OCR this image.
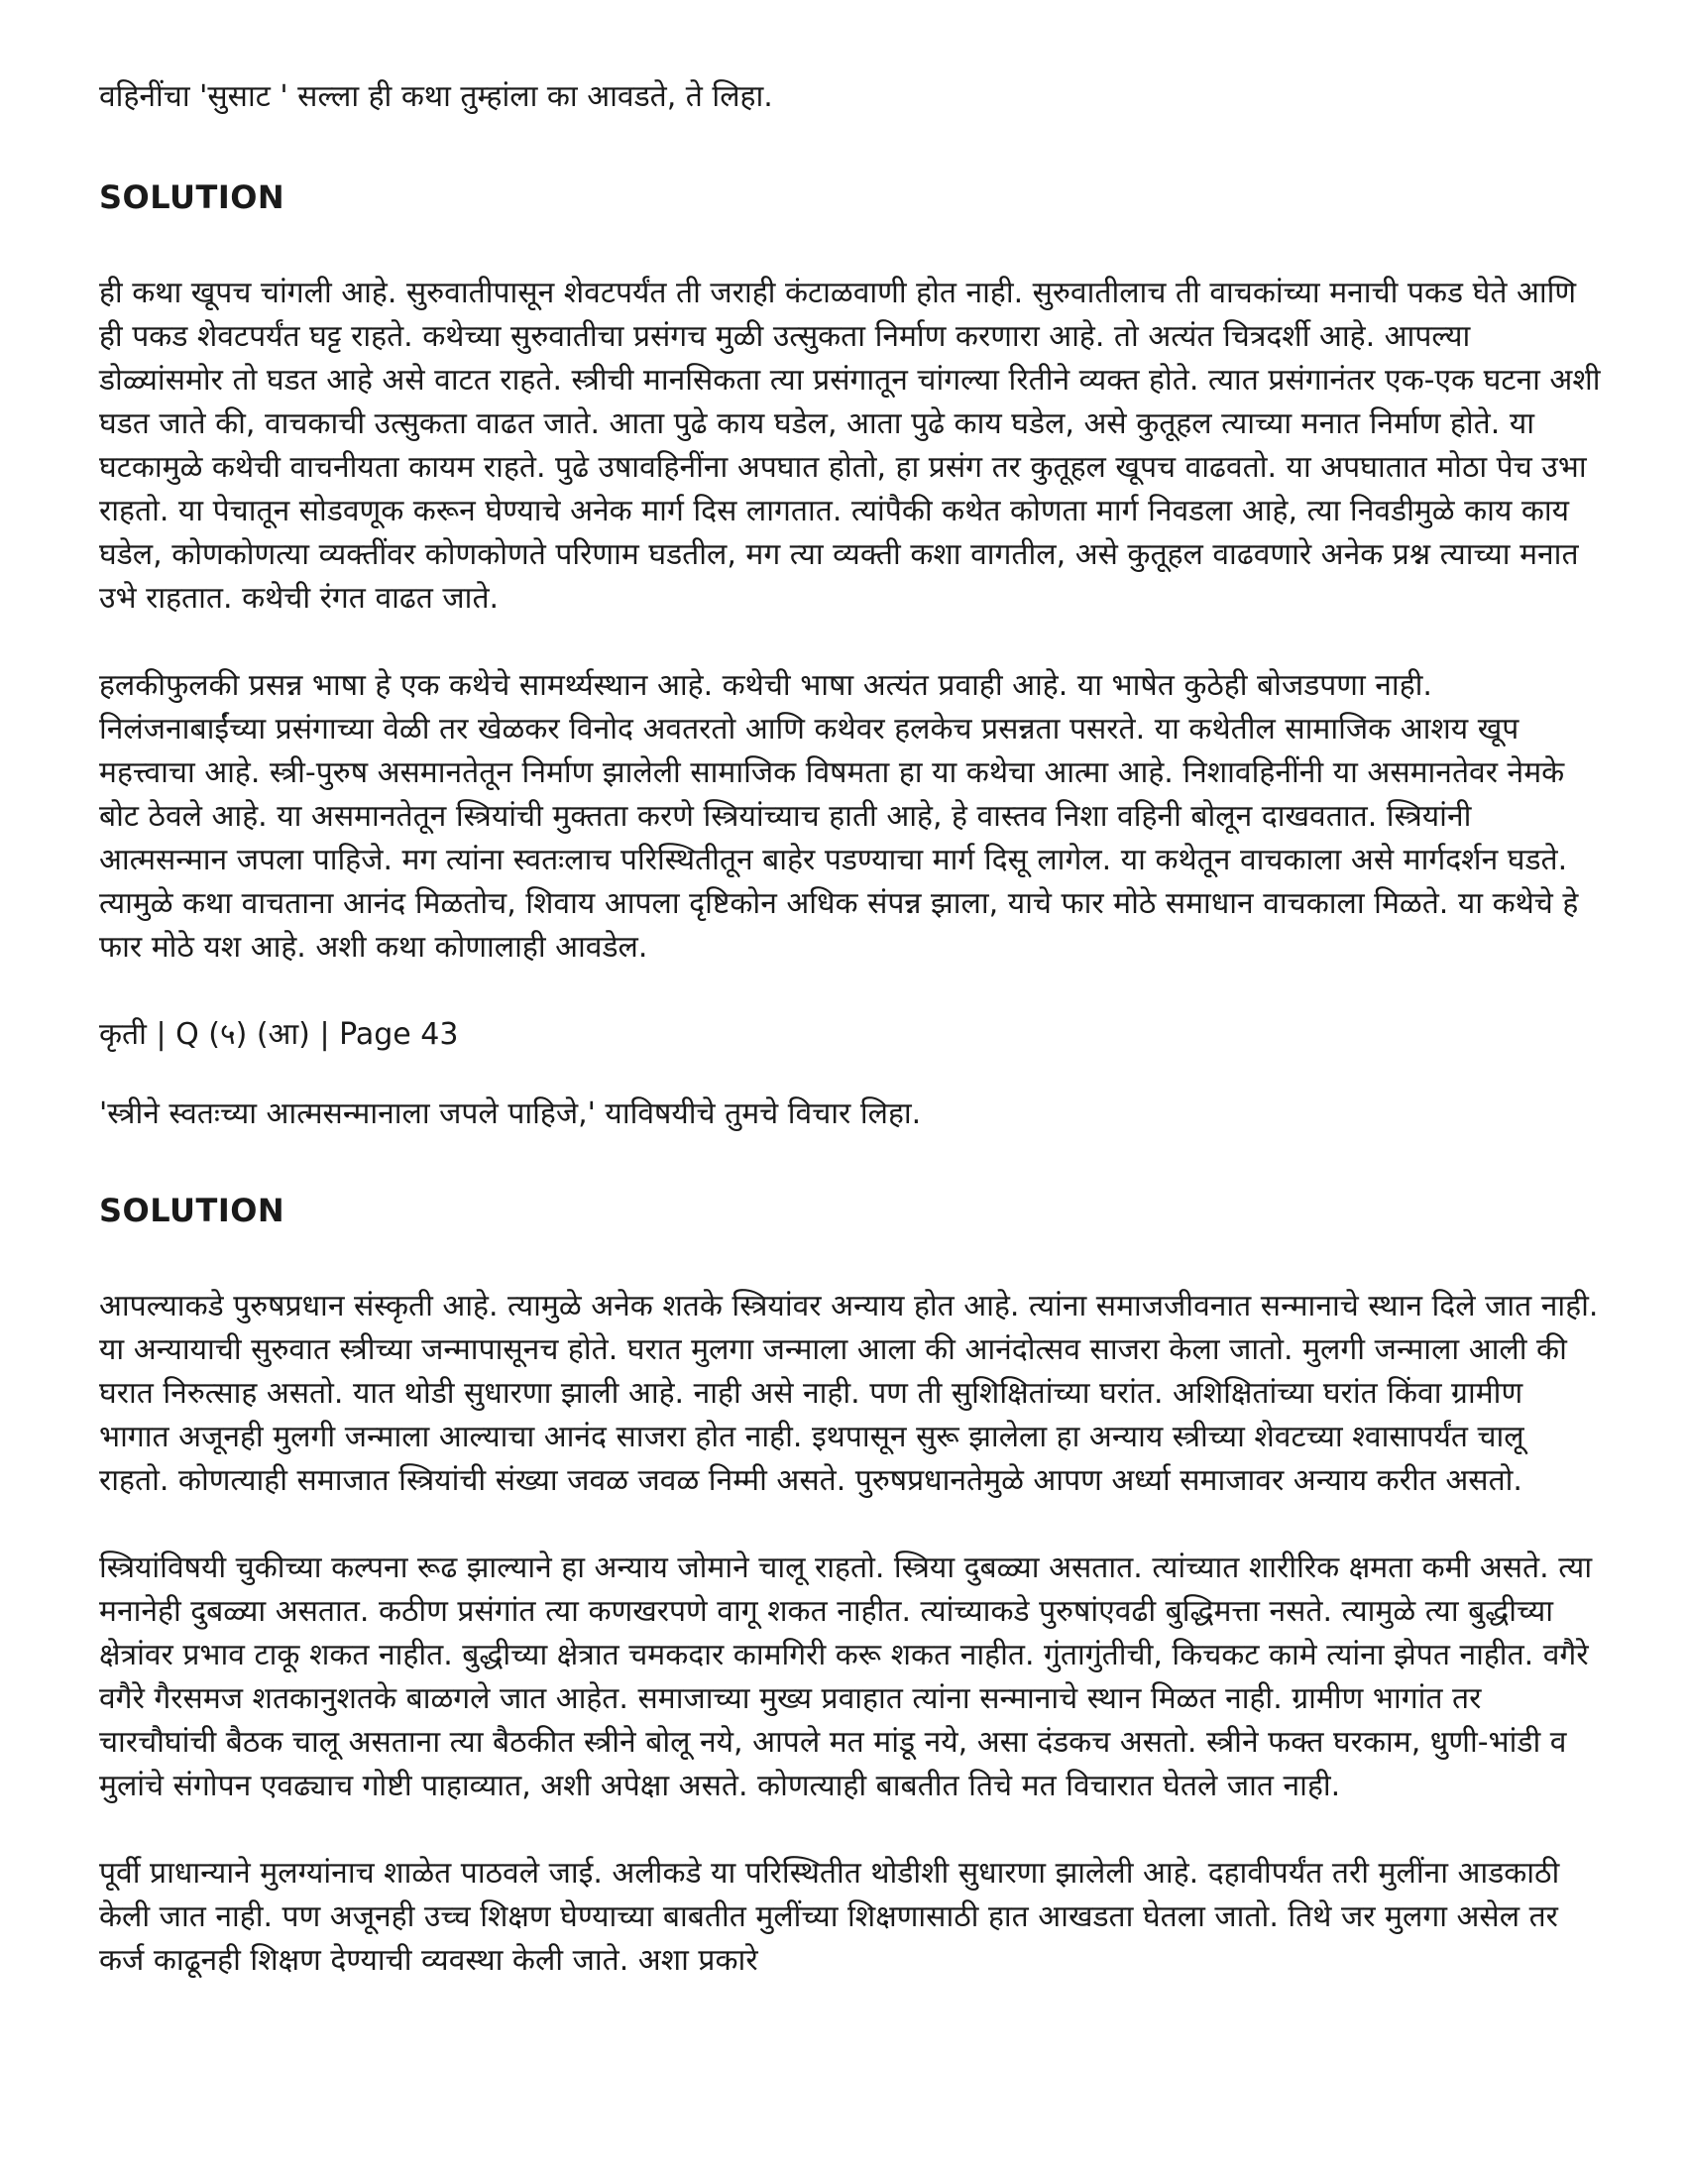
वहिनींचा 'सुसाट ' सल्ला ही कथा तुम्हांला का आवडते, ते लिहा.

SOLUTION

ही कथा खूपच चांगली आहे. सुरुवातीपासून शेवटपर्यंत ती जराही कंटाळवाणी होत नाही. सुरुवातीलाच ती वाचकांच्या मनाची पकड घेते आणि ही पकड शेवटपर्यंत घट्ट राहते. कथेच्या सुरुवातीचा प्रसंगच मुळी उत्सुकता निर्माण करणारा आहे. तो अत्यंत चित्रदर्शी आहे. आपल्या डोळ्यांसमोर तो घडत आहे असे वाटत राहते. स्त्रीची मानसिकता त्या प्रसंगातून चांगल्या रितीने व्यक्त होते. त्यात प्रसंगानंतर एक-एक घटना अशी घडत जाते की, वाचकाची उत्सुकता वाढत जाते. आता पुढे काय घडेल, आता पुढे काय घडेल, असे कुतूहल त्याच्या मनात निर्माण होते. या घटकामुळे कथेची वाचनीयता कायम राहते. पुढे उषावहिनींना अपघात होतो, हा प्रसंग तर कुतूहल खूपच वाढवतो. या अपघातात मोठा पेच उभा राहतो. या पेचातून सोडवणूक करून घेण्याचे अनेक मार्ग दिस लागतात. त्यांपैकी कथेत कोणता मार्ग निवडला आहे, त्या निवडीमुळे काय काय घडेल, कोणकोणत्या व्यक्तींवर कोणकोणते परिणाम घडतील, मग त्या व्यक्ती कशा वागतील, असे कुतूहल वाढवणारे अनेक प्रश्न त्याच्या मनात उभे राहतात. कथेची रंगत वाढत जाते.

हलकीफुलकी प्रसन्न भाषा हे एक कथेचे सामर्थ्यस्थान आहे. कथेची भाषा अत्यंत प्रवाही आहे. या भाषेत कुठेही बोजडपणा नाही. निलंजनाबाईंच्या प्रसंगाच्या वेळी तर खेळकर विनोद अवतरतो आणि कथेवर हलकेच प्रसन्नता पसरते. या कथेतील सामाजिक आशय खूप महत्त्वाचा आहे. स्त्री-पुरुष असमानतेतून निर्माण झालेली सामाजिक विषमता हा या कथेचा आत्मा आहे. निशावहिनींनी या असमानतेवर नेमके बोट ठेवले आहे. या असमानतेतून स्त्रियांची मुक्तता करणे स्त्रियांच्याच हाती आहे, हे वास्तव निशा वहिनी बोलून दाखवतात. स्त्रियांनी आत्मसन्मान जपला पाहिजे. मग त्यांना स्वतःलाच परिस्थितीतून बाहेर पडण्याचा मार्ग दिसू लागेल. या कथेतून वाचकाला असे मार्गदर्शन घडते. त्यामुळे कथा वाचताना आनंद मिळतोच, शिवाय आपला दृष्टिकोन अधिक संपन्न झाला, याचे फार मोठे समाधान वाचकाला मिळते. या कथेचे हे फार मोठे यश आहे. अशी कथा कोणालाही आवडेल.

कृती | Q (५) (आ) | Page 43

'स्त्रीने स्वतःच्या आत्मसन्मानाला जपले पाहिजे,' याविषयीचे तुमचे विचार लिहा.

SOLUTION

आपल्याकडे पुरुषप्रधान संस्कृती आहे. त्यामुळे अनेक शतके स्त्रियांवर अन्याय होत आहे. त्यांना समाजजीवनात सन्मानाचे स्थान दिले जात नाही. या अन्यायाची सुरुवात स्त्रीच्या जन्मापासूनच होते. घरात मुलगा जन्माला आला की आनंदोत्सव साजरा केला जातो. मुलगी जन्माला आली की घरात निरुत्साह असतो. यात थोडी सुधारणा झाली आहे. नाही असे नाही. पण ती सुशिक्षितांच्या घरांत. अशिक्षितांच्या घरांत किंवा ग्रामीण भागात अजूनही मुलगी जन्माला आल्याचा आनंद साजरा होत नाही. इथपासून सुरू झालेला हा अन्याय स्त्रीच्या शेवटच्या श्वासापर्यंत चालू राहतो. कोणत्याही समाजात स्त्रियांची संख्या जवळ जवळ निम्मी असते. पुरुषप्रधानतेमुळे आपण अर्ध्या समाजावर अन्याय करीत असतो.

स्त्रियांविषयी चुकीच्या कल्पना रूढ झाल्याने हा अन्याय जोमाने चालू राहतो. स्त्रिया दुबळ्या असतात. त्यांच्यात शारीरिक क्षमता कमी असते. त्या मनानेही दुबळ्या असतात. कठीण प्रसंगांत त्या कणखरपणे वागू शकत नाहीत. त्यांच्याकडे पुरुषांएवढी बुद्धिमत्ता नसते. त्यामुळे त्या बुद्धीच्या क्षेत्रांवर प्रभाव टाकू शकत नाहीत. बुद्धीच्या क्षेत्रात चमकदार कामगिरी करू शकत नाहीत. गुंतागुंतीची, किचकट कामे त्यांना झेपत नाहीत. वगैरे वगैरे गैरसमज शतकानुशतके बाळगले जात आहेत. समाजाच्या मुख्य प्रवाहात त्यांना सन्मानाचे स्थान मिळत नाही. ग्रामीण भागांत तर चारचौघांची बैठक चालू असताना त्या बैठकीत स्त्रीने बोलू नये, आपले मत मांडू नये, असा दंडकच असतो. स्त्रीने फक्त घरकाम, धुणी-भांडी व मुलांचे संगोपन एवढ्याच गोष्टी पाहाव्यात, अशी अपेक्षा असते. कोणत्याही बाबतीत तिचे मत विचारात घेतले जात नाही.

पूर्वी प्राधान्याने मुलग्यांनाच शाळेत पाठवले जाई. अलीकडे या परिस्थितीत थोडीशी सुधारणा झालेली आहे. दहावीपर्यंत तरी मुलींना आडकाठी केली जात नाही. पण अजूनही उच्च शिक्षण घेण्याच्या बाबतीत मुलींच्या शिक्षणासाठी हात आखडता घेतला जातो. तिथे जर मुलगा असेल तर कर्ज काढूनही शिक्षण देण्याची व्यवस्था केली जाते. अशा प्रकारे
